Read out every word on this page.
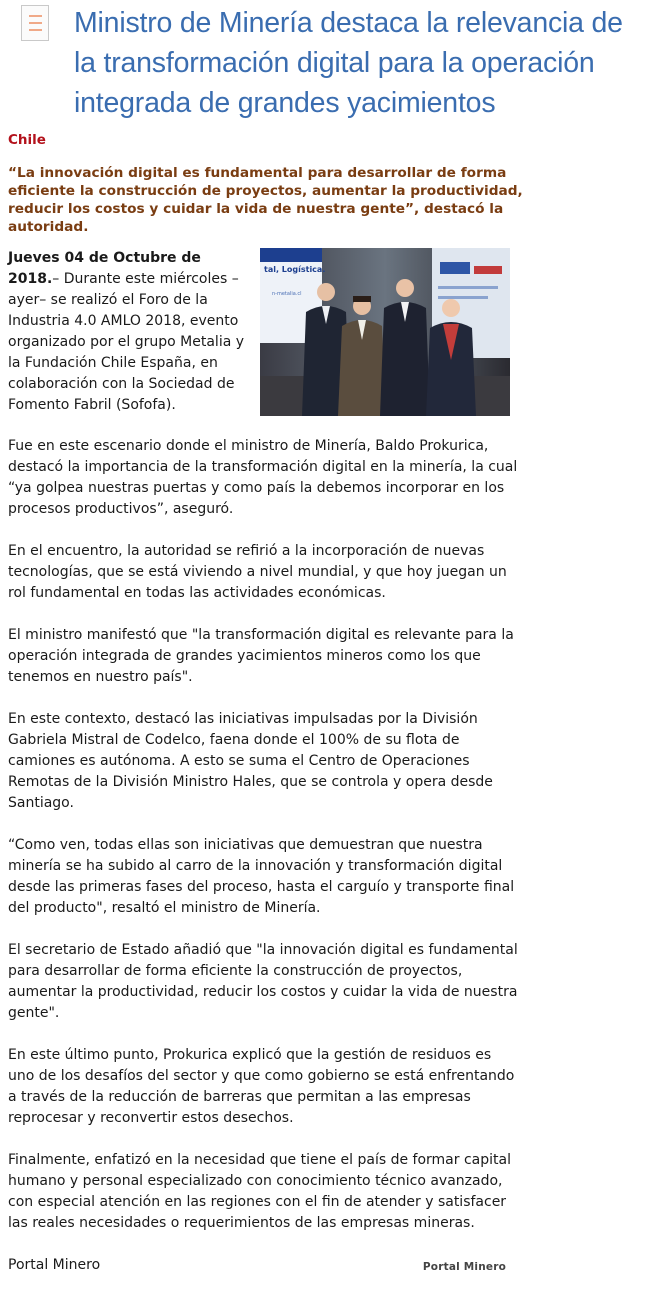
Ministro de Minería destaca la relevancia de la transformación digital para la operación integrada de grandes yacimientos

Chile

“La innovación digital es fundamental para desarrollar de forma eficiente la construcción de proyectos, aumentar la productividad, reducir los costos y cuidar la vida de nuestra gente”, destacó la autoridad.

Jueves 04 de Octubre de 2018.– Durante este miércoles –ayer– se realizó el Foro de la Industria 4.0 AMLO 2018, evento organizado por el grupo Metalia y la Fundación Chile España, en colaboración con la Sociedad de Fomento Fabril (Sofofa).

tal, Logística.
n-metalia.cl

Fue en este escenario donde el ministro de Minería, Baldo Prokurica, destacó la importancia de la transformación digital en la minería, la cual “ya golpea nuestras puertas y como país la debemos incorporar en los procesos productivos”, aseguró.

En el encuentro, la autoridad se refirió a la incorporación de nuevas tecnologías, que se está viviendo a nivel mundial, y que hoy juegan un rol fundamental en todas las actividades económicas.

El ministro manifestó que "la transformación digital es relevante para la operación integrada de grandes yacimientos mineros como los que tenemos en nuestro país".

En este contexto, destacó las iniciativas impulsadas por la División Gabriela Mistral de Codelco, faena donde el 100% de su flota de camiones es autónoma. A esto se suma el Centro de Operaciones Remotas de la División Ministro Hales, que se controla y opera desde Santiago.

“Como ven, todas ellas son iniciativas que demuestran que nuestra minería se ha subido al carro de la innovación y transformación digital desde las primeras fases del proceso, hasta el carguío y transporte final del producto", resaltó el ministro de Minería.

El secretario de Estado añadió que "la innovación digital es fundamental para desarrollar de forma eficiente la construcción de proyectos, aumentar la productividad, reducir los costos y cuidar la vida de nuestra gente".

En este último punto, Prokurica explicó que la gestión de residuos es uno de los desafíos del sector y que como gobierno se está enfrentando a través de la reducción de barreras que permitan a las empresas reprocesar y reconvertir estos desechos.

Finalmente, enfatizó en la necesidad que tiene el país de formar capital humano y personal especializado con conocimiento técnico avanzado, con especial atención en las regiones con el fin de atender y satisfacer las reales necesidades o requerimientos de las empresas mineras.

Portal Minero	Portal Minero
